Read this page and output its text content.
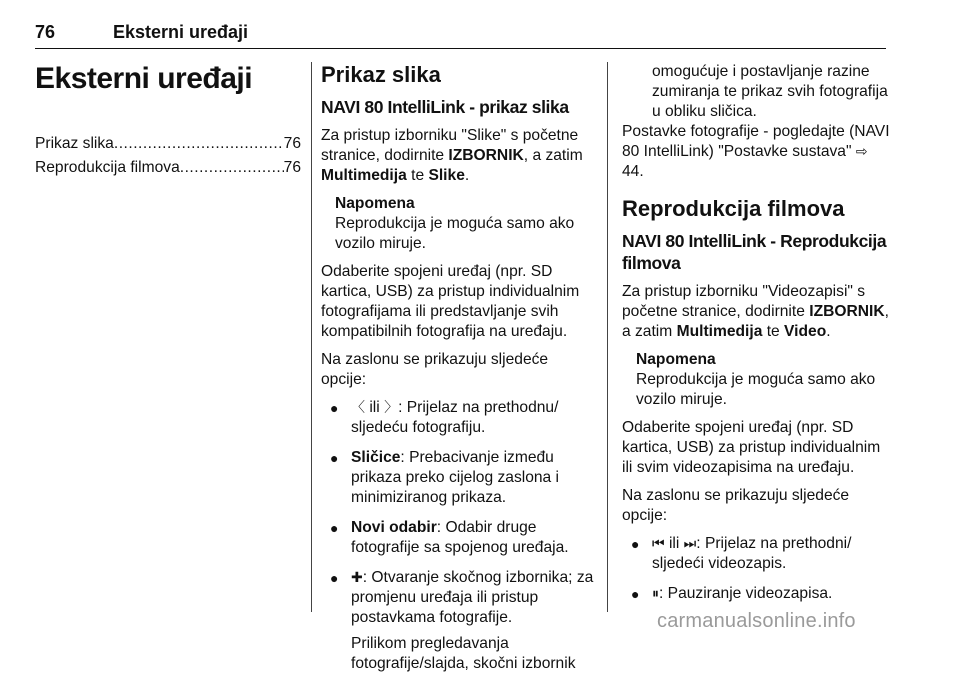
76	Eksterni uređaji
Eksterni uređaji
Prikaz slika .....	76
Reprodukcija filmova .....	76
Prikaz slika
NAVI 80 IntelliLink - prikaz slika

Za pristup izborniku "Slike" s početne stranice, dodirnite IZBORNIK, a zatim Multimedija te Slike.

Napomena
Reprodukcija je moguća samo ako vozilo miruje.

Odaberite spojeni uređaj (npr. SD kartica, USB) za pristup individualnim fotografijama ili predstavljanje svih kompatibilnih fotografija na uređaju.

Na zaslonu se prikazuju sljedeće opcije:

● 〈 ili 〉: Prijelaz na prethodnu/ sljedeću fotografiju.
● Sličice: Prebacivanje između prikaza preko cijelog zaslona i minimiziranog prikaza.
● Novi odabir: Odabir druge fotografije sa spojenog uređaja.
● ✚: Otvaranje skočnog izbornika; za promjenu uređaja ili pristup postavkama fotografije.

Prilikom pregledavanja fotografije/slajda, skočni izbornik

omogućuje i postavljanje razine zumiranja te prikaz svih fotografija u obliku sličica.

Postavke fotografije - pogledajte (NAVI 80 IntelliLink) "Postavke sustava" ⇨ 44.

Reprodukcija filmova
NAVI 80 IntelliLink - Reprodukcija filmova

Za pristup izborniku "Videozapisi" s početne stranice, dodirnite IZBORNIK, a zatim Multimedija te Video.

Napomena
Reprodukcija je moguća samo ako vozilo miruje.

Odaberite spojeni uređaj (npr. SD kartica, USB) za pristup individualnim ili svim videozapisima na uređaju.

Na zaslonu se prikazuju sljedeće opcije:

● ⏮ ili ⏭: Prijelaz na prethodni/ sljedeći videozapis.
● ⏸: Pauziranje videozapisa.
carmanualsonline.info
